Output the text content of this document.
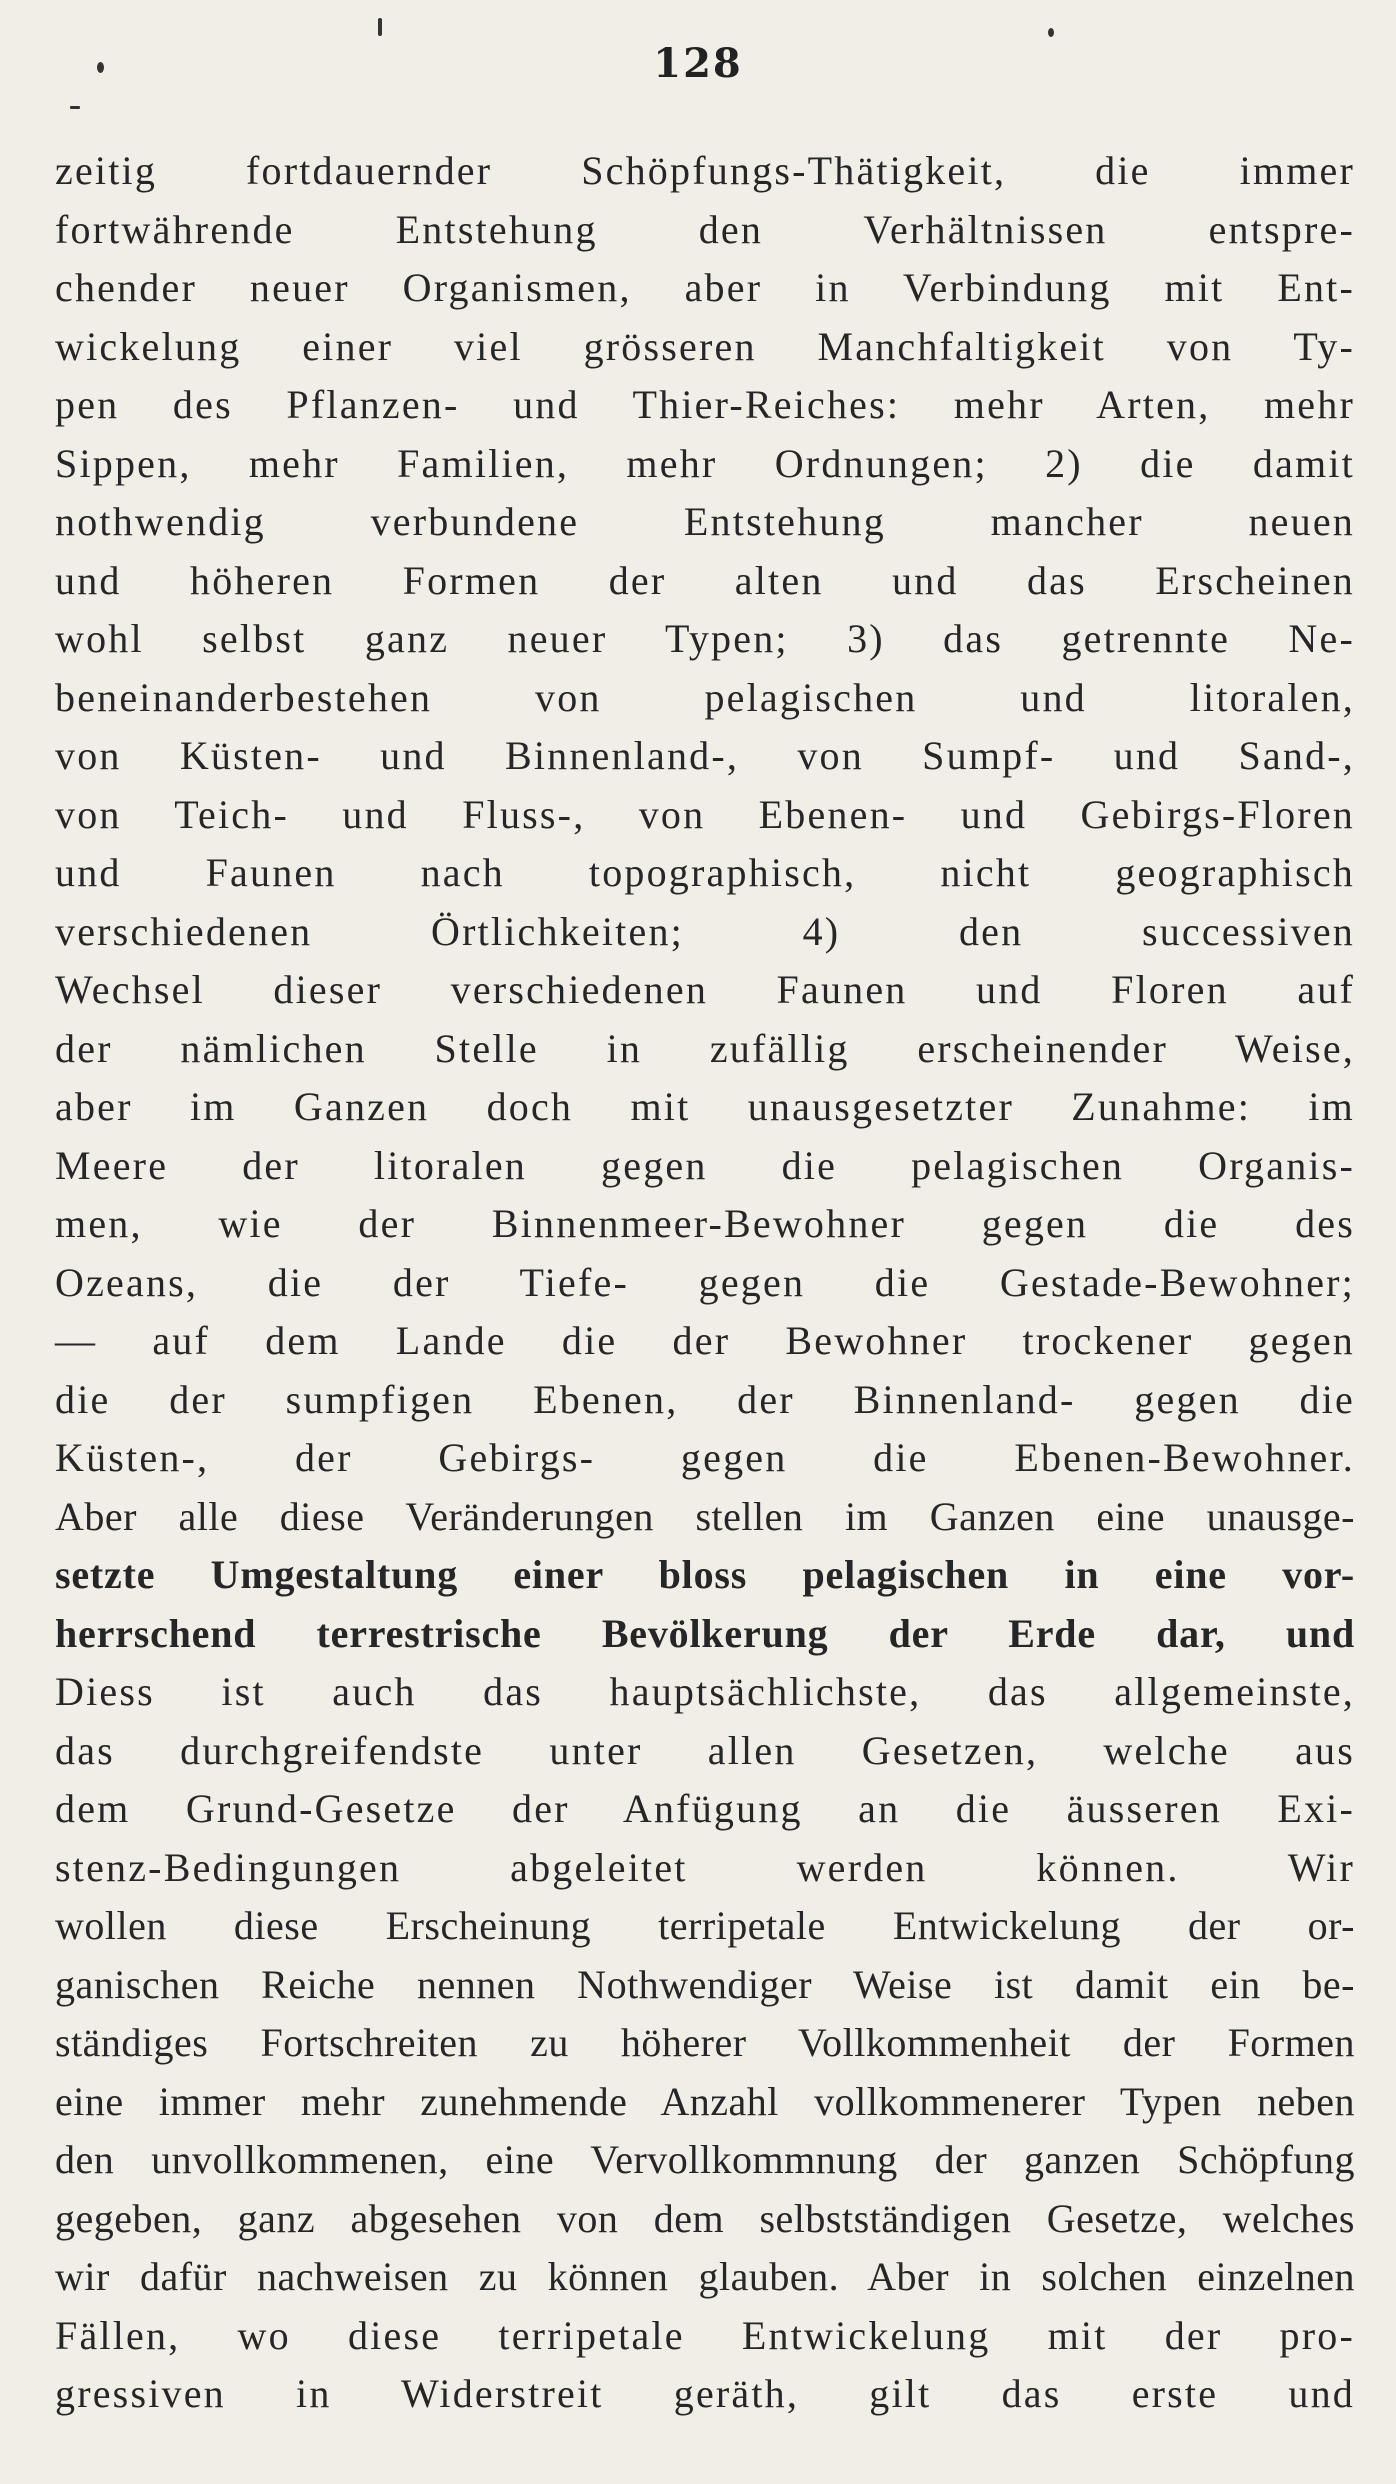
128
zeitig fortdauernder Schöpfungs-Thätigkeit, die immer
fortwährende Entstehung den Verhältnissen entspre-
chender neuer Organismen, aber in Verbindung mit Ent-
wickelung einer viel grösseren Manchfaltigkeit von Ty-
pen des Pflanzen- und Thier-Reiches: mehr Arten, mehr
Sippen, mehr Familien, mehr Ordnungen; 2) die damit
nothwendig verbundene Entstehung mancher neuen
und höheren Formen der alten und das Erscheinen
wohl selbst ganz neuer Typen; 3) das getrennte Ne-
beneinanderbestehen von pelagischen und litoralen,
von Küsten- und Binnenland-, von Sumpf- und Sand-,
von Teich- und Fluss-, von Ebenen- und Gebirgs-Floren
und Faunen nach topographisch, nicht geographisch
verschiedenen Örtlichkeiten; 4) den successiven
Wechsel dieser verschiedenen Faunen und Floren auf
der nämlichen Stelle in zufällig erscheinender Weise,
aber im Ganzen doch mit unausgesetzter Zunahme: im
Meere der litoralen gegen die pelagischen Organis-
men, wie der Binnenmeer-Bewohner gegen die des
Ozeans, die der Tiefe- gegen die Gestade-Bewohner;
— auf dem Lande die der Bewohner trockener gegen
die der sumpfigen Ebenen, der Binnenland- gegen die
Küsten-, der Gebirgs- gegen die Ebenen-Bewohner.
Aber alle diese Veränderungen stellen im Ganzen eine unausge-
setzte Umgestaltung einer bloss pelagischen in eine vor-
herrschend terrestrische Bevölkerung der Erde dar, und
Diess ist auch das hauptsächlichste, das allgemeinste,
das durchgreifendste unter allen Gesetzen, welche aus
dem Grund-Gesetze der Anfügung an die äusseren Exi-
stenz-Bedingungen abgeleitet werden können. Wir
wollen diese Erscheinung terripetale Entwickelung der or-
ganischen Reiche nennen Nothwendiger Weise ist damit ein be-
ständiges Fortschreiten zu höherer Vollkommenheit der Formen
eine immer mehr zunehmende Anzahl vollkommenerer Typen neben
den unvollkommenen, eine Vervollkommnung der ganzen Schöpfung
gegeben, ganz abgesehen von dem selbstständigen Gesetze, welches
wir dafür nachweisen zu können glauben. Aber in solchen einzelnen
Fällen, wo diese terripetale Entwickelung mit der pro-
gressiven in Widerstreit geräth, gilt das erste und
